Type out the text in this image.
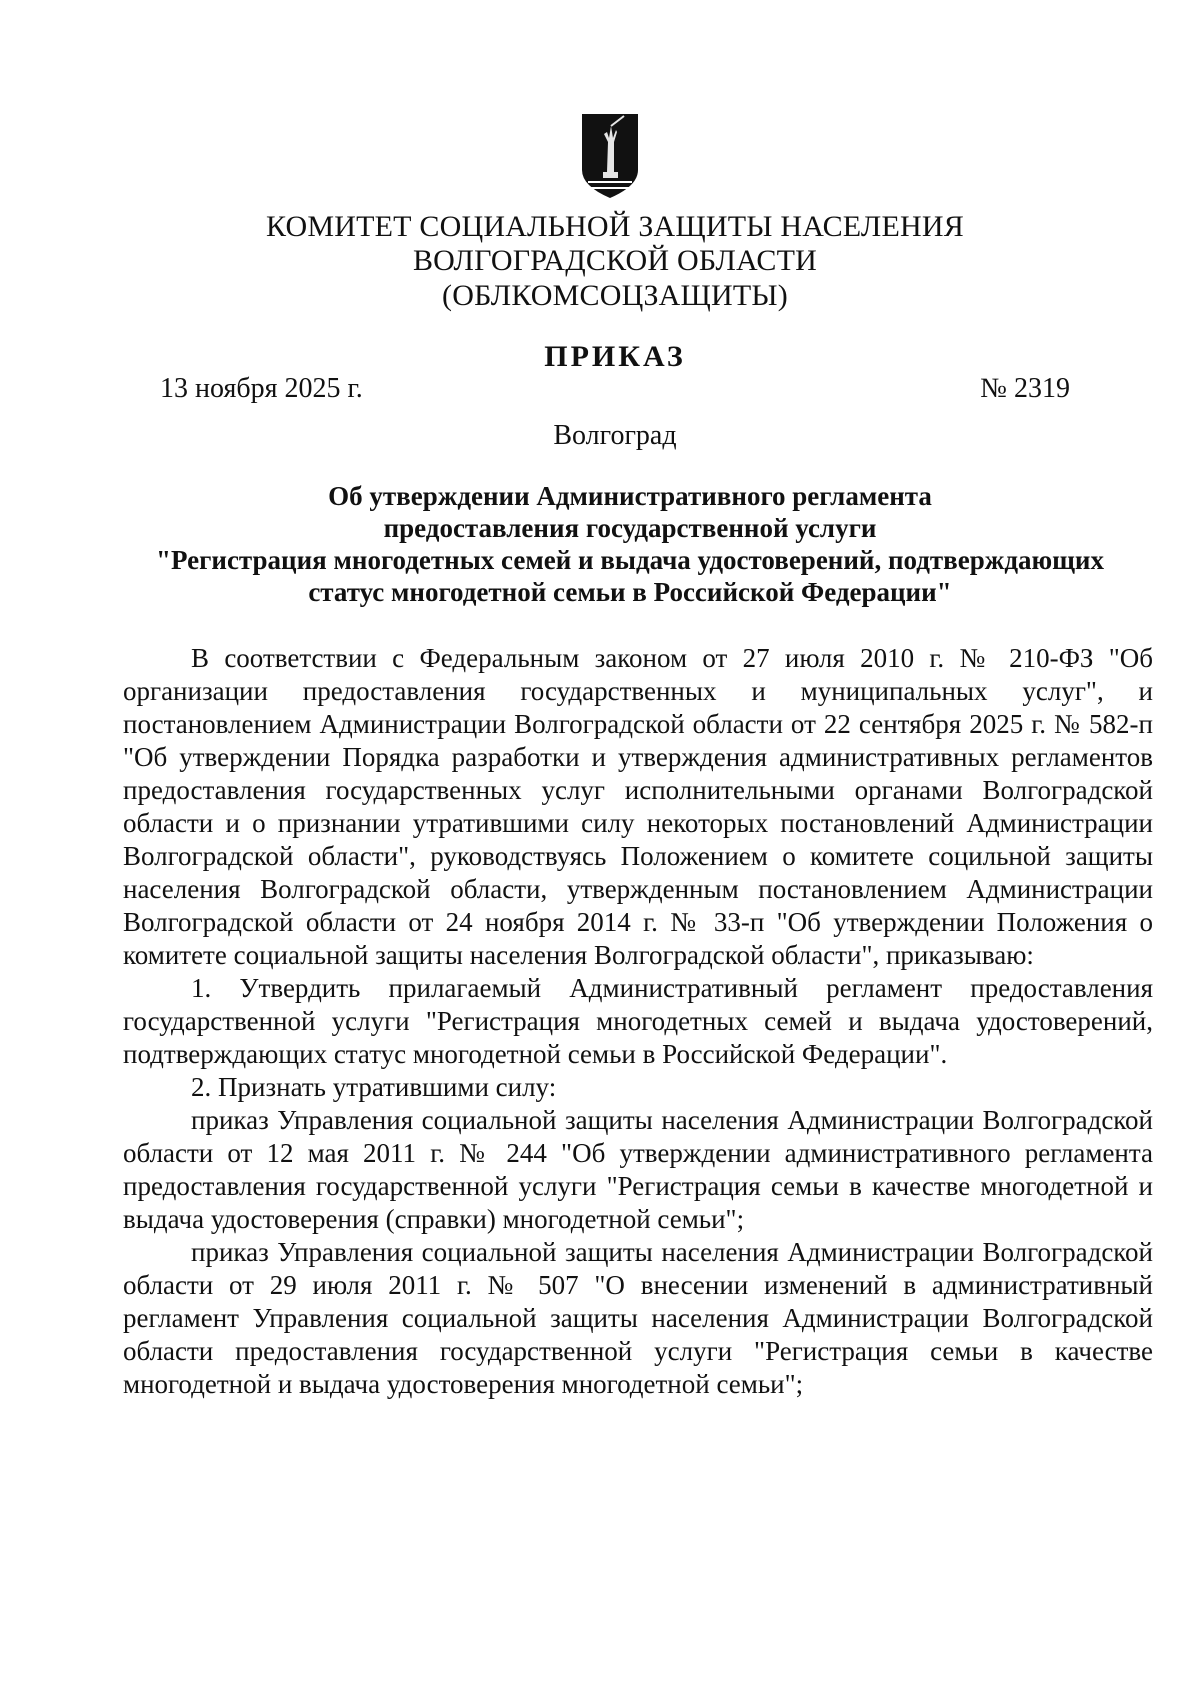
КОМИТЕТ СОЦИАЛЬНОЙ ЗАЩИТЫ НАСЕЛЕНИЯ
ВОЛГОГРАДСКОЙ ОБЛАСТИ
(ОБЛКОМСОЦЗАЩИТЫ)
ПРИКАЗ
13 ноября 2025 г.	№ 2319
Волгоград
Об утверждении Административного регламента
предоставления государственной услуги
"Регистрация многодетных семей и выдача удостоверений, подтверждающих
статус многодетной семьи в Российской Федерации"

В соответствии с Федеральным законом от 27 июля 2010 г. № 210-ФЗ "Об организации предоставления государственных и муниципальных услуг", и постановлением Администрации Волгоградской области от 22 сентября 2025 г. № 582-п "Об утверждении Порядка разработки и утверждения административных регламентов предоставления государственных услуг исполнительными органами Волгоградской области и о признании утратившими силу некоторых постановлений Администрации Волгоградской области", руководствуясь Положением о комитете социльной защиты населения Волгоградской области, утвержденным постановлением Администрации Волгоградской области от 24 ноября 2014 г. № 33-п "Об утверждении Положения о комитете социальной защиты населения Волгоградской области", приказываю:

1. Утвердить прилагаемый Административный регламент предоставления государственной услуги "Регистрация многодетных семей и выдача удостоверений, подтверждающих статус многодетной семьи в Российской Федерации".

2. Признать утратившими силу:

приказ Управления социальной защиты населения Администрации Волгоградской области от 12 мая 2011 г. № 244 "Об утверждении административного регламента предоставления государственной услуги "Регистрация семьи в качестве многодетной и выдача удостоверения (справки) многодетной семьи";

приказ Управления социальной защиты населения Администрации Волгоградской области от 29 июля 2011 г. № 507 "О внесении изменений в административный регламент Управления социальной защиты населения Администрации Волгоградской области предоставления государственной услуги "Регистрация семьи в качестве многодетной и выдача удостоверения многодетной семьи";
